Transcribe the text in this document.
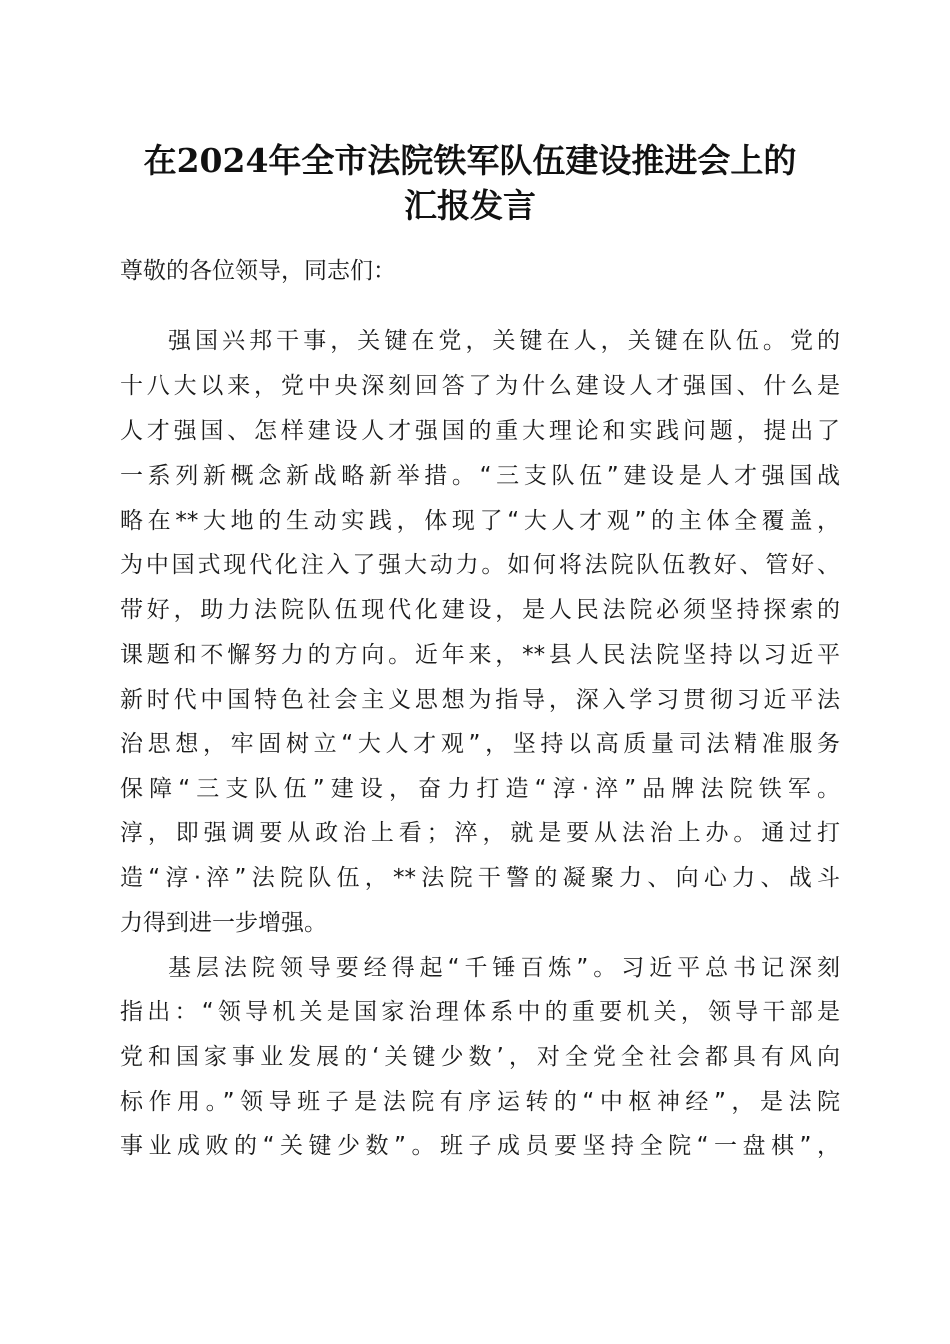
在2024年全市法院铁军队伍建设推进会上的
汇报发言
尊敬的各位领导，同志们：
强国兴邦干事，关键在党，关键在人，关键在队伍。党的
十八大以来，党中央深刻回答了为什么建设人才强国、什么是
人才强国、怎样建设人才强国的重大理论和实践问题，提出了
一系列新概念新战略新举措。“三支队伍”建设是人才强国战
略在**大地的生动实践，体现了“大人才观”的主体全覆盖，
为中国式现代化注入了强大动力。如何将法院队伍教好、管好、
带好，助力法院队伍现代化建设，是人民法院必须坚持探索的
课题和不懈努力的方向。近年来，**县人民法院坚持以习近平
新时代中国特色社会主义思想为指导，深入学习贯彻习近平法
治思想，牢固树立“大人才观”，坚持以高质量司法精准服务
保障“三支队伍”建设，奋力打造“淳·淬”品牌法院铁军。
淳，即强调要从政治上看；淬，就是要从法治上办。通过打
造“淳·淬”法院队伍，**法院干警的凝聚力、向心力、战斗
力得到进一步增强。
基层法院领导要经得起“千锤百炼”。习近平总书记深刻
指出：“领导机关是国家治理体系中的重要机关，领导干部是
党和国家事业发展的‘关键少数’，对全党全社会都具有风向
标作用。”领导班子是法院有序运转的“中枢神经”，是法院
事业成败的“关键少数”。班子成员要坚持全院“一盘棋”，
